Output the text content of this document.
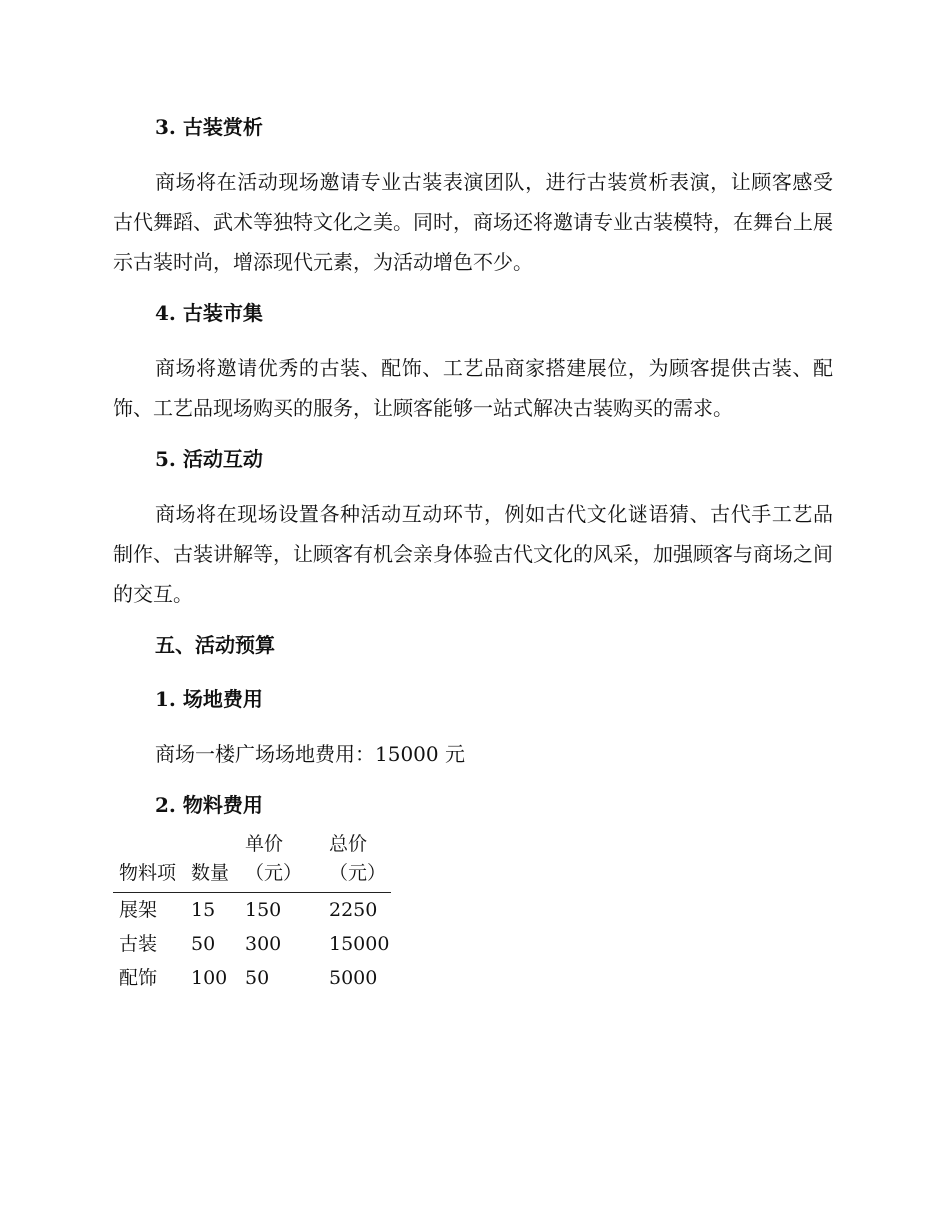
3. 古装赏析

商场将在活动现场邀请专业古装表演团队，进行古装赏析表演，让顾客感受古代舞蹈、武术等独特文化之美。同时，商场还将邀请专业古装模特，在舞台上展示古装时尚，增添现代元素，为活动增色不少。

4. 古装市集

商场将邀请优秀的古装、配饰、工艺品商家搭建展位，为顾客提供古装、配饰、工艺品现场购买的服务，让顾客能够一站式解决古装购买的需求。

5. 活动互动

商场将在现场设置各种活动互动环节，例如古代文化谜语猜、古代手工艺品制作、古装讲解等，让顾客有机会亲身体验古代文化的风采，加强顾客与商场之间的交互。

五、活动预算

1. 场地费用

商场一楼广场场地费用：15000 元

2. 物料费用

物料项	数量	单价（元）	总价（元）
展架	15	150	2250
古装	50	300	15000
配饰	100	50	5000
